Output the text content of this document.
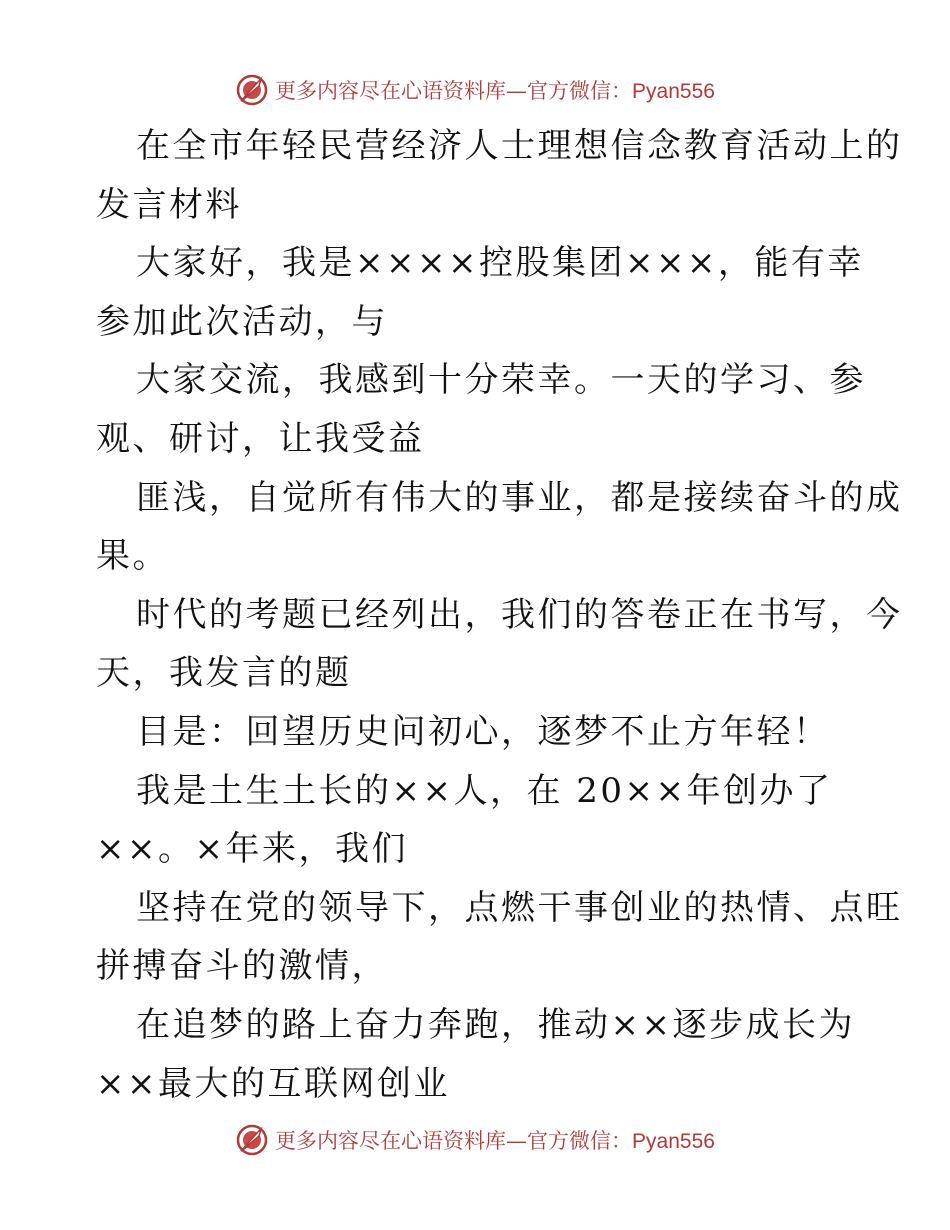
更多内容尽在心语资料库—官方微信：Pyan556
在全市年轻民营经济人士理想信念教育活动上的
发言材料
大家好，我是××××控股集团×××，能有幸
参加此次活动，与
大家交流，我感到十分荣幸。一天的学习、参
观、研讨，让我受益
匪浅，自觉所有伟大的事业，都是接续奋斗的成
果。
时代的考题已经列出，我们的答卷正在书写，今
天，我发言的题
目是：回望历史问初心，逐梦不止方年轻！
我是土生土长的××人，在 20××年创办了
××。×年来，我们
坚持在党的领导下，点燃干事创业的热情、点旺
拼搏奋斗的激情，
在追梦的路上奋力奔跑，推动××逐步成长为
××最大的互联网创业
更多内容尽在心语资料库—官方微信：Pyan556
